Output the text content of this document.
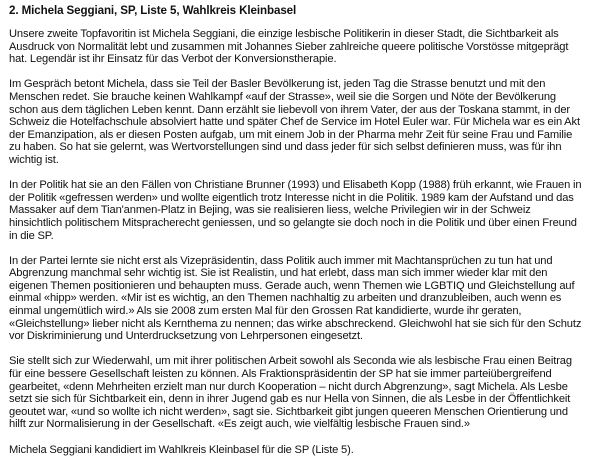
2. Michela Seggiani, SP, Liste 5, Wahlkreis Kleinbasel

Unsere zweite Topfavoritin ist Michela Seggiani, die einzige lesbische Politikerin in dieser Stadt, die Sichtbarkeit als Ausdruck von Normalität lebt und zusammen mit Johannes Sieber zahlreiche queere politische Vorstösse mitgeprägt hat. Legendär ist ihr Einsatz für das Verbot der Konversionstherapie.

Im Gespräch betont Michela, dass sie Teil der Basler Bevölkerung ist, jeden Tag die Strasse benutzt und mit den Menschen redet. Sie brauche keinen Wahlkampf «auf der Strasse», weil sie die Sorgen und Nöte der Bevölkerung schon aus dem täglichen Leben kennt. Dann erzählt sie liebevoll von ihrem Vater, der aus der Toskana stammt, in der Schweiz die Hotelfachschule absolviert hatte und später Chef de Service im Hotel Euler war. Für Michela war es ein Akt der Emanzipation, als er diesen Posten aufgab, um mit einem Job in der Pharma mehr Zeit für seine Frau und Familie zu haben. So hat sie gelernt, was Wertvorstellungen sind und dass jeder für sich selbst definieren muss, was für ihn wichtig ist.

In der Politik hat sie an den Fällen von Christiane Brunner (1993) und Elisabeth Kopp (1988) früh erkannt, wie Frauen in der Politik «gefressen werden» und wollte eigentlich trotz Interesse nicht in die Politik. 1989 kam der Aufstand und das Massaker auf dem Tian'anmen-Platz in Bejing, was sie realisieren liess, welche Privilegien wir in der Schweiz hinsichtlich politischem Mitspracherecht geniessen, und so gelangte sie doch noch in die Politik und über einen Freund in die SP.

In der Partei lernte sie nicht erst als Vizepräsidentin, dass Politik auch immer mit Machtansprüchen zu tun hat und Abgrenzung manchmal sehr wichtig ist. Sie ist Realistin, und hat erlebt, dass man sich immer wieder klar mit den eigenen Themen positionieren und behaupten muss. Gerade auch, wenn Themen wie LGBTIQ und Gleichstellung auf einmal «hipp» werden. «Mir ist es wichtig, an den Themen nachhaltig zu arbeiten und dranzubleiben, auch wenn es einmal ungemütlich wird.» Als sie 2008 zum ersten Mal für den Grossen Rat kandidierte, wurde ihr geraten, «Gleichstellung» lieber nicht als Kernthema zu nennen; das wirke abschreckend. Gleichwohl hat sie sich für den Schutz vor Diskriminierung und Unterdrucksetzung von Lehrpersonen eingesetzt.

Sie stellt sich zur Wiederwahl, um mit ihrer politischen Arbeit sowohl als Seconda wie als lesbische Frau einen Beitrag für eine bessere Gesellschaft leisten zu können. Als Fraktionspräsidentin der SP hat sie immer parteiübergreifend gearbeitet, «denn Mehrheiten erzielt man nur durch Kooperation – nicht durch Abgrenzung», sagt Michela. Als Lesbe setzt sie sich für Sichtbarkeit ein, denn in ihrer Jugend gab es nur Hella von Sinnen, die als Lesbe in der Öffentlichkeit geoutet war, «und so wollte ich nicht werden», sagt sie. Sichtbarkeit gibt jungen queeren Menschen Orientierung und hilft zur Normalisierung in der Gesellschaft. «Es zeigt auch, wie vielfältig lesbische Frauen sind.»

Michela Seggiani kandidiert im Wahlkreis Kleinbasel für die SP (Liste 5).
